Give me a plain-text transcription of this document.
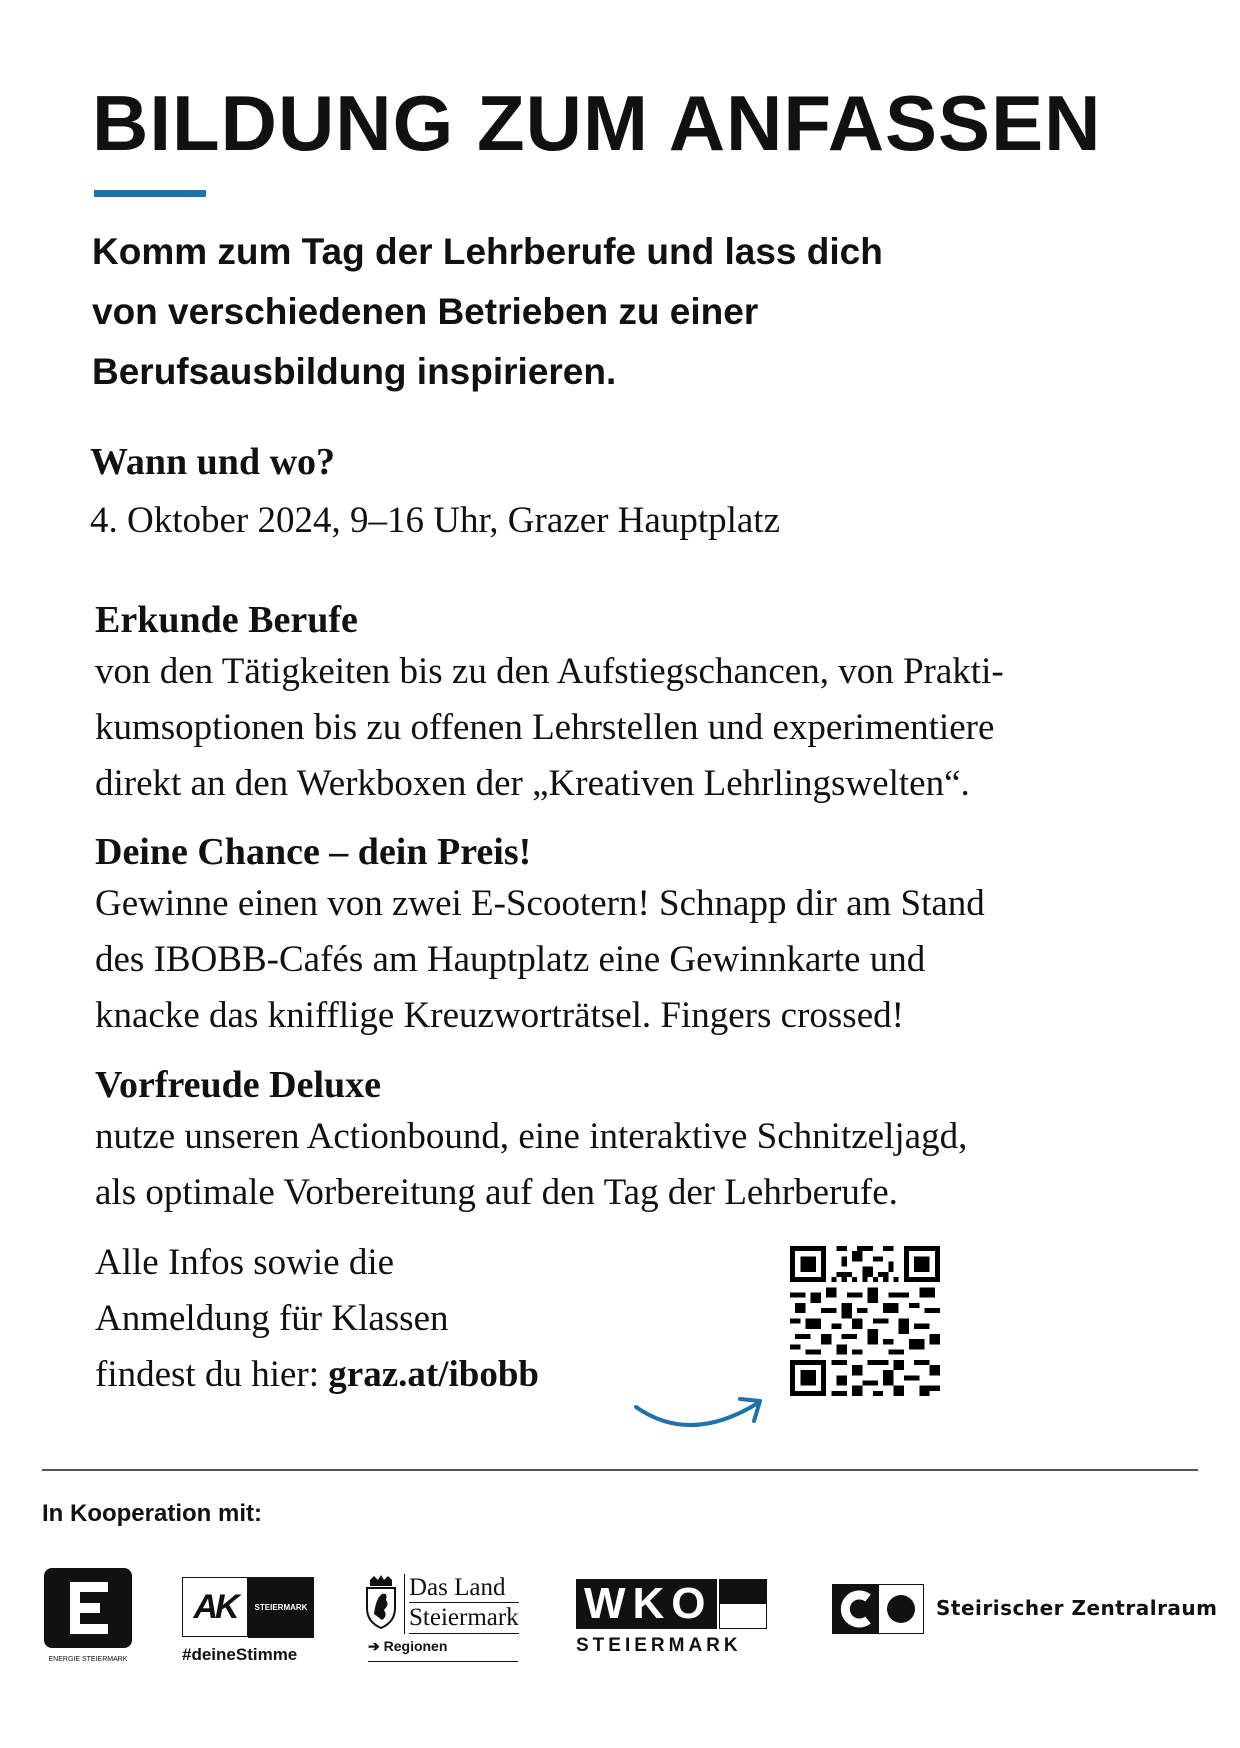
BILDUNG ZUM ANFASSEN
Komm zum Tag der Lehrberufe und lass dich
von verschiedenen Betrieben zu einer
Berufsausbildung inspirieren.
Wann und wo?
4. Oktober 2024, 9–16 Uhr, Grazer Hauptplatz
Erkunde Berufe
von den Tätigkeiten bis zu den Aufstiegschancen, von Prakti-
kumsoptionen bis zu offenen Lehrstellen und experimentiere
direkt an den Werkboxen der „Kreativen Lehrlingswelten“.
Deine Chance – dein Preis!
Gewinne einen von zwei E-Scootern! Schnapp dir am Stand
des IBOBB-Cafés am Hauptplatz eine Gewinnkarte und
knacke das knifflige Kreuzworträtsel. Fingers crossed!
Vorfreude Deluxe
nutze unseren Actionbound, eine interaktive Schnitzeljagd,
als optimale Vorbereitung auf den Tag der Lehrberufe.
Alle Infos sowie die
Anmeldung für Klassen
findest du hier: graz.at/ibobb
In Kooperation mit:
ENERGIE STEIERMARK
AK	STEIERMARK
#deineStimme
Das Land
Steiermark
➔ Regionen
WKO
STEIERMARK
Steirischer Zentralraum
